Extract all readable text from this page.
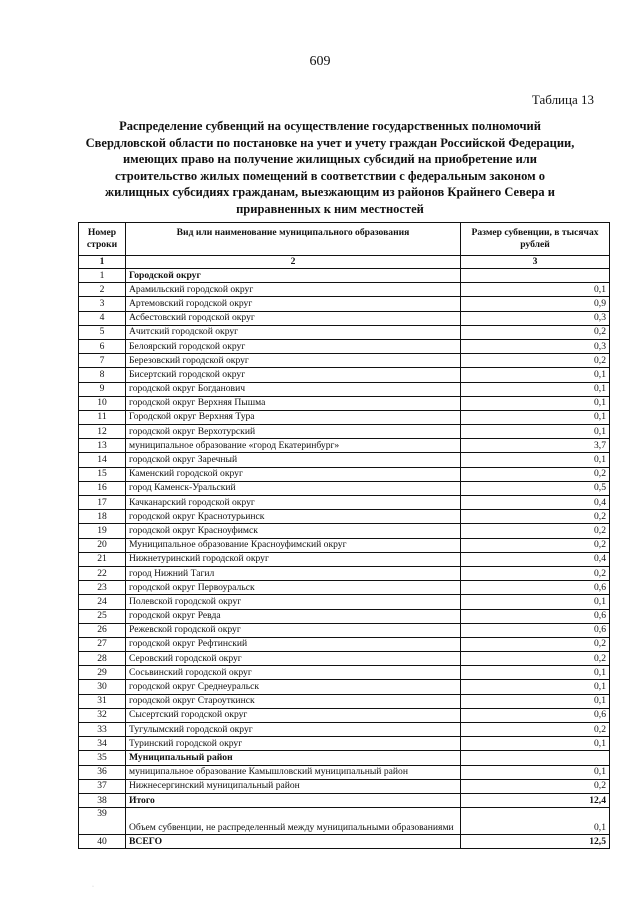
609
Таблица 13
Распределение субвенций на осуществление государственных полномочий
Свердловской области по постановке на учет и учету граждан Российской Федерации,
имеющих право на получение жилищных субсидий на приобретение или
строительство жилых помещений в соответствии с федеральным законом о
жилищных субсидиях гражданам, выезжающим из районов Крайнего Севера и
приравненных к ним местностей
Номер строки	Вид или наименование муниципального образования	Размер субвенции, в тысячах рублей
1	2	3
1	Городской округ	
2	Арамильский городской округ	0,1
3	Артемовский городской округ	0,9
4	Асбестовский городской округ	0,3
5	Ачитский городской округ	0,2
6	Белоярский городской округ	0,3
7	Березовский городской округ	0,2
8	Бисертский городской округ	0,1
9	городской округ Богданович	0,1
10	городской округ Верхняя Пышма	0,1
11	Городской округ Верхняя Тура	0,1
12	городской округ Верхотурский	0,1
13	муниципальное образование «город Екатеринбург»	3,7
14	городской округ Заречный	0,1
15	Каменский городской округ	0,2
16	город Каменск-Уральский	0,5
17	Качканарский городской округ	0,4
18	городской округ Краснотурьинск	0,2
19	городской округ Красноуфимск	0,2
20	Муниципальное образование Красноуфимский округ	0,2
21	Нижнетуринский городской округ	0,4
22	город Нижний Тагил	0,2
23	городской округ Первоуральск	0,6
24	Полевской городской округ	0,1
25	городской округ Ревда	0,6
26	Режевской городской округ	0,6
27	городской округ Рефтинский	0,2
28	Серовский городской округ	0,2
29	Сосьвинский городской округ	0,1
30	городской округ Среднеуральск	0,1
31	городской округ Староуткинск	0,1
32	Сысертский городской округ	0,6
33	Тугулымский городской округ	0,2
34	Туринский городской округ	0,1
35	Муниципальный район	
36	муниципальное образование Камышловский муниципальный район	0,1
37	Нижнесергинский муниципальный район	0,2
38	Итого	12,4
39	Объем субвенции, не распределенный между муниципальными образованиями	0,1
40	ВСЕГО	12,5
·
